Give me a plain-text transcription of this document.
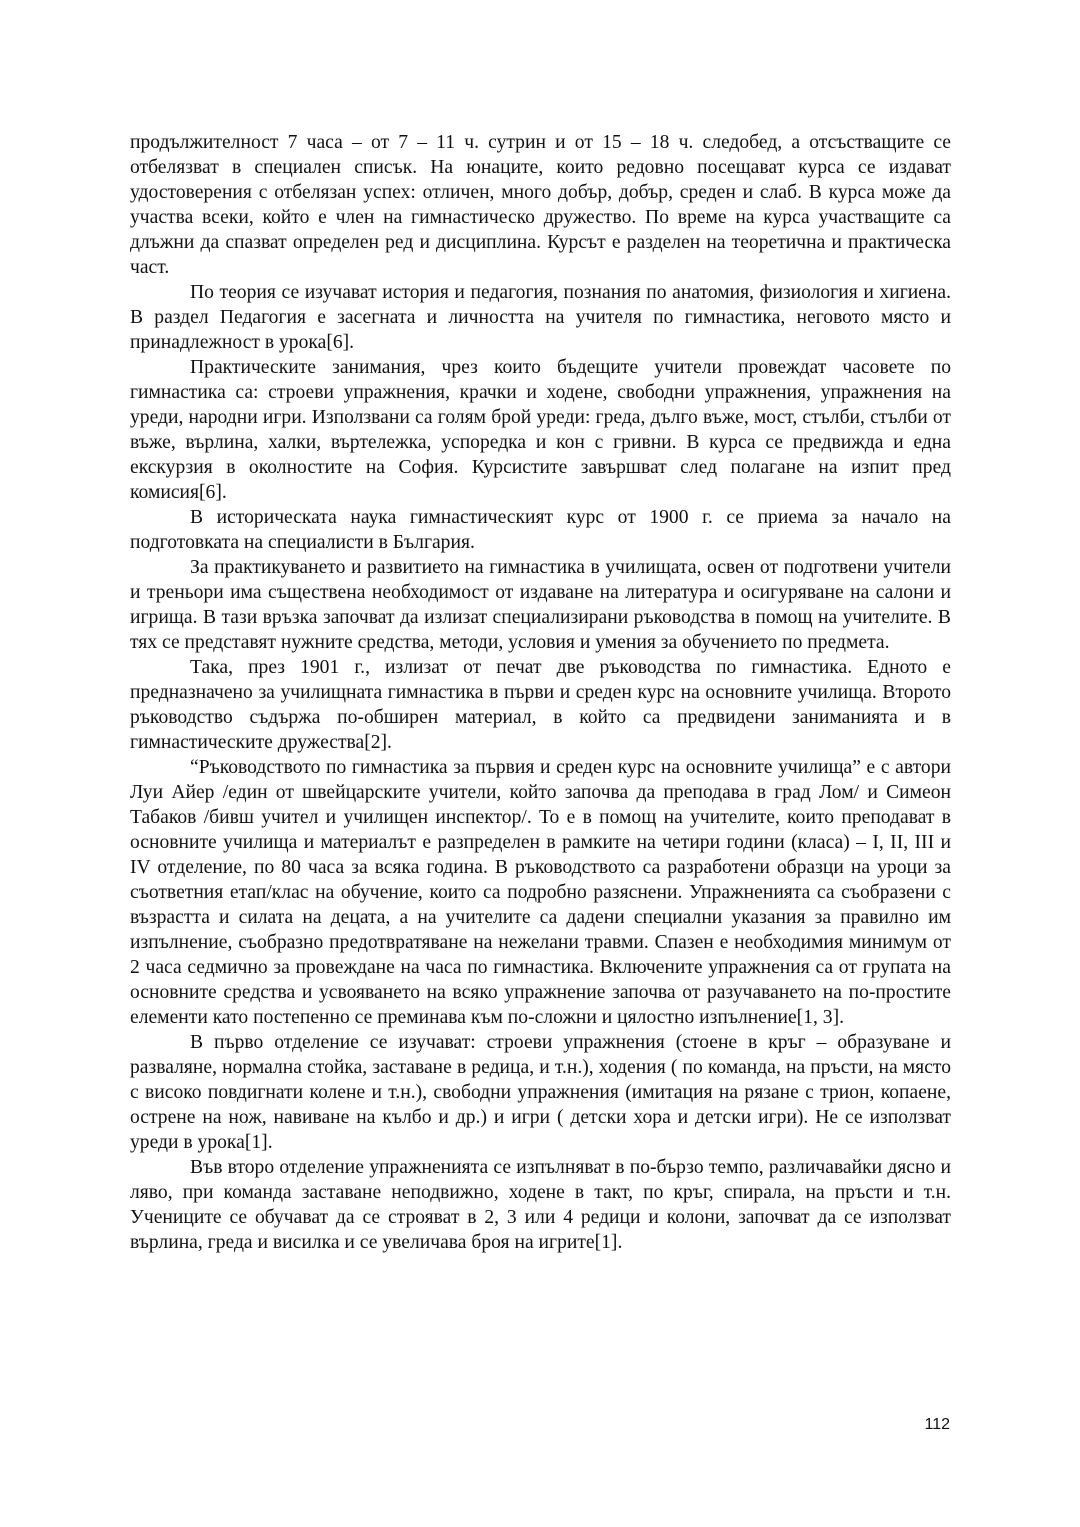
продължителност 7 часа – от 7 – 11 ч. сутрин и от 15 – 18 ч. следобед, а отсъстващите се отбелязват в специален списък. На юнаците, които редовно посещават курса се издават удостоверения с отбелязан успех: отличен, много добър, добър, среден и слаб. В курса може да участва всеки, който е член на гимнастическо дружество. По време на курса участващите са длъжни да спазват определен ред и дисциплина. Курсът е разделен на теоретична и практическа част.

По теория се изучават история и педагогия, познания по анатомия, физиология и хигиена. В раздел Педагогия е засегната и личността на учителя по гимнастика, неговото място и принадлежност в урока[6].

Практическите занимания, чрез които бъдещите учители провеждат часовете по гимнастика са: строеви упражнения, крачки и ходене, свободни упражнения, упражнения на уреди, народни игри. Използвани са голям брой уреди: греда, дълго въже, мост, стълби, стълби от въже, върлина, халки, въртележка, успоредка и кон с гривни. В курса се предвижда и една екскурзия в околностите на София. Курсистите завършват след полагане на изпит пред комисия[6].

В историческата наука гимнастическият курс от 1900 г. се приема за начало на подготовката на специалисти в България.

За практикуването и развитието на гимнастика в училищата, освен от подготвени учители и треньори има съществена необходимост от издаване на литература и осигуряване на салони и игрища. В тази връзка започват да излизат специализирани ръководства в помощ на учителите. В тях се представят нужните средства, методи, условия и умения за обучението по предмета.

Така, през 1901 г., излизат от печат две ръководства по гимнастика. Едното е предназначено за училищната гимнастика в първи и среден курс на основните училища. Второто ръководство съдържа по-обширен материал, в който са предвидени заниманията и в гимнастическите дружества[2].

“Ръководството по гимнастика за първия и среден курс на основните училища” е с автори Луи Айер /един от швейцарските учители, който започва да преподава в град Лом/ и Симеон Табаков /бивш учител и училищен инспектор/. То е в помощ на учителите, които преподават в основните училища и материалът е разпределен в рамките на четири години (класа) – I, II, III и IV отделение, по 80 часа за всяка година. В ръководството са разработени образци на уроци за съответния етап/клас на обучение, които са подробно разяснени. Упражненията са съобразени с възрастта и силата на децата, а на учителите са дадени специални указания за правилно им изпълнение, съобразно предотвратяване на нежелани травми. Спазен е необходимия минимум от 2 часа седмично за провеждане на часа по гимнастика. Включените упражнения са от групата на основните средства и усвояването на всяко упражнение започва от разучаването на по-простите елементи като постепенно се преминава към по-сложни и цялостно изпълнение[1, 3].

В първо отделение се изучават: строеви упражнения (стоене в кръг – образуване и разваляне, нормална стойка, заставане в редица, и т.н.), ходения ( по команда, на пръсти, на място с високо повдигнати колене и т.н.), свободни упражнения (имитация на рязане с трион, копаене, острене на нож, навиване на кълбо и др.) и игри ( детски хора и детски игри). Не се използват уреди в урока[1].

Във второ отделение упражненията се изпълняват в по-бързо темпо, различавайки дясно и ляво, при команда заставане неподвижно, ходене в такт, по кръг, спирала, на пръсти и т.н. Учениците се обучават да се строяват в 2, 3 или 4 редици и колони, започват да се използват върлина, греда и висилка и се увеличава броя на игрите[1].

112
